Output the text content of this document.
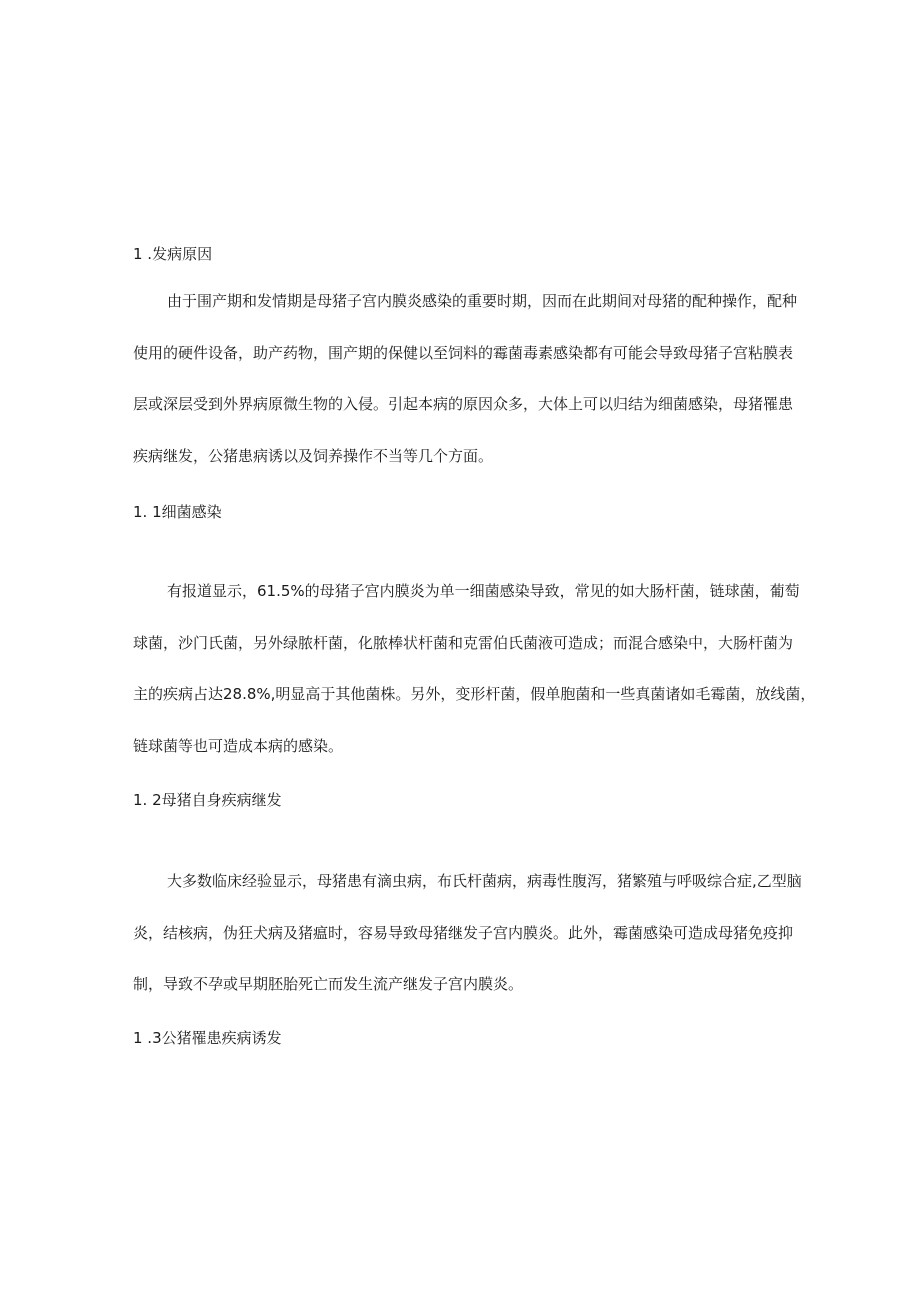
1 .发病原因

由于围产期和发情期是母猪子宫内膜炎感染的重要时期，因而在此期间对母猪的配种操作，配种
使用的硬件设备，助产药物，围产期的保健以至饲料的霉菌毒素感染都有可能会导致母猪子宫粘膜表
层或深层受到外界病原微生物的入侵。引起本病的原因众多，大体上可以归结为细菌感染，母猪罹患
疾病继发，公猪患病诱以及饲养操作不当等几个方面。

1. 1细菌感染

有报道显示，61.5%的母猪子宫内膜炎为单一细菌感染导致，常见的如大肠杆菌，链球菌，葡萄
球菌，沙门氏菌，另外绿脓杆菌，化脓棒状杆菌和克雷伯氏菌液可造成；而混合感染中，大肠杆菌为
主的疾病占达28.8%,明显高于其他菌株。另外，变形杆菌，假单胞菌和一些真菌诸如毛霉菌，放线菌，
链球菌等也可造成本病的感染。

1. 2母猪自身疾病继发

大多数临床经验显示，母猪患有滴虫病，布氏杆菌病，病毒性腹泻，猪繁殖与呼吸综合症,乙型脑
炎，结核病，伪狂犬病及猪瘟时，容易导致母猪继发子宫内膜炎。此外，霉菌感染可造成母猪免疫抑
制，导致不孕或早期胚胎死亡而发生流产继发子宫内膜炎。

1 .3公猪罹患疾病诱发
